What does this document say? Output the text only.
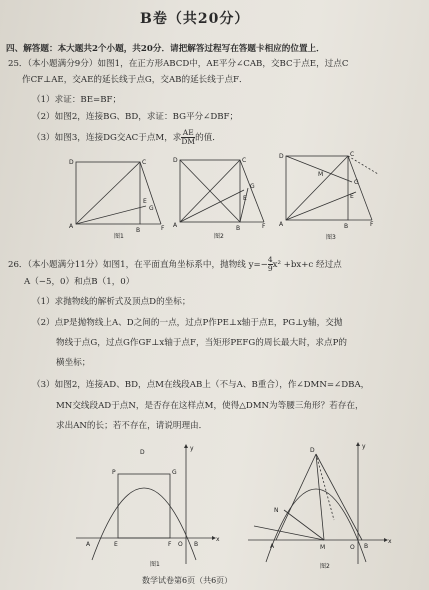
B卷（共20分）
四、解答题：本大题共2个小题，共20分．请把解答过程写在答题卡相应的位置上．
25．（本小题满分9分）如图1，在正方形ABCD中，AE平分∠CAB，交BC于点E，过点C
作CF⊥AE，交AE的延长线于点G，交AB的延长线于点F．
（1）求证：BE=BF；
（2）如图2，连接BG、BD，求证：BG平分∠DBF；
（3）如图3，连接DG交AC于点M，求 $\frac{AE}{DM}$ 的值．
D	C
A
B	F
E
G
图1
D	C
A	B	F
E
G
图2
D	C
A	B	F
M
G
E
图3
26．（本小题满分11分）如图1，在平面直角坐标系中，抛物线 $y=- \frac{4}{9} x^2 +bx+c$ 经过点
A（−5，0）和点B（1，0）
（1）求抛物线的解析式及顶点D的坐标；
（2）点P是抛物线上A、D之间的一点，过点P作PE⊥x轴于点E，PG⊥y轴，交抛
物线于点G，过点G作GF⊥x轴于点F，当矩形PEFG的周长最大时，求点P的
横坐标；
（3）如图2，连接AD、BD，点M在线段AB上（不与A、B重合），作∠DMN=∠DBA，
MN交线段AD于点N，是否存在这样点M，使得△DMN为等腰三角形？若存在，
求出AN的长；若不存在，请说明理由．
y
x
A	E	F O B
P	G
D
图1
y
x
A	M	O B
D
N
图2
数学试卷第6页（共6页）
